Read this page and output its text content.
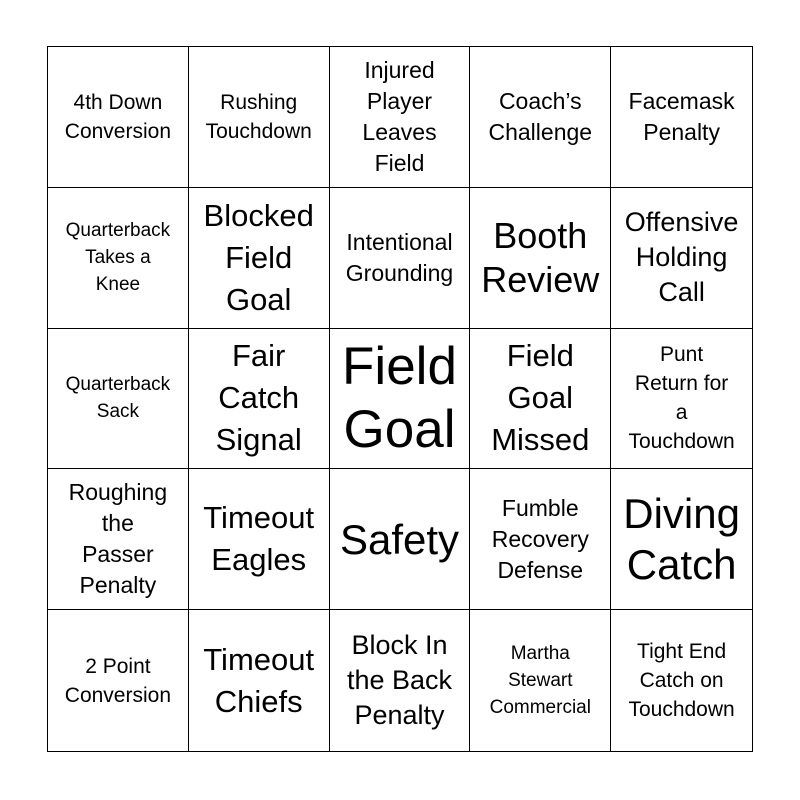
4th Down
Conversion
Rushing
Touchdown
Injured
Player
Leaves
Field
Coach’s
Challenge
Facemask
Penalty
Quarterback
Takes a
Knee
Blocked
Field
Goal
Intentional
Grounding
Booth
Review
Offensive
Holding
Call
Quarterback
Sack
Fair
Catch
Signal
Field
Goal
Field
Goal
Missed
Punt
Return for
a
Touchdown
Roughing
the
Passer
Penalty
Timeout
Eagles Safety
Fumble
Recovery
Defense
Diving
Catch
2 Point
Conversion
Timeout
Chiefs
Block In
the Back
Penalty
Martha
Stewart
Commercial
Tight End
Catch on
Touchdown
